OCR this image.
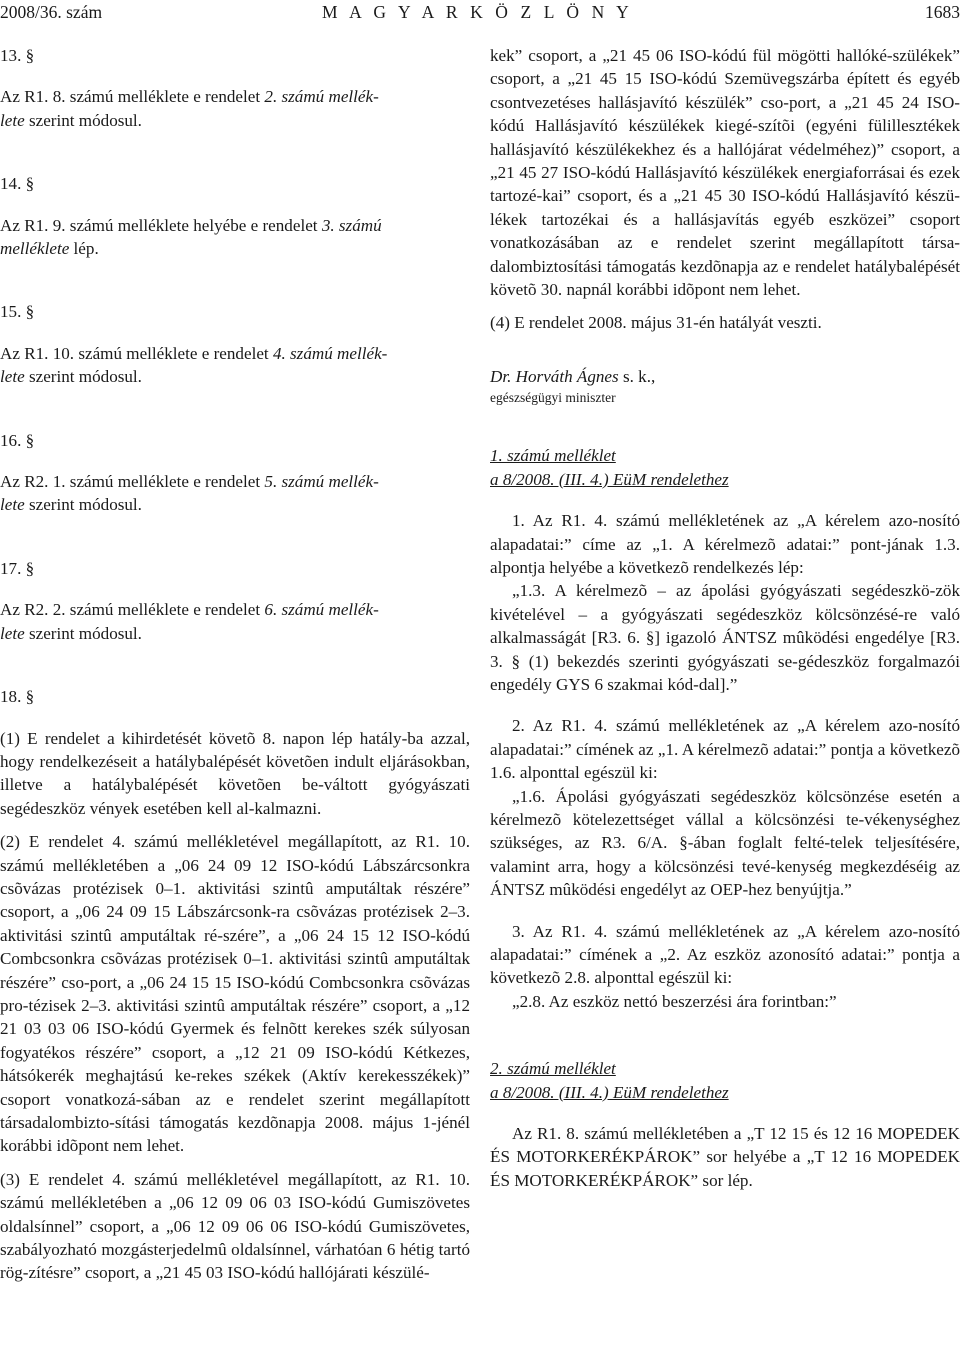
2008/36. szám	M A G Y A R K Ö Z L Ö N Y	1683

13. §

Az R1. 8. számú melléklete e rendelet 2. számú mellék-
lete szerint módosul.

14. §

Az R1. 9. számú melléklete helyébe e rendelet 3. számú
melléklete lép.

15. §

Az R1. 10. számú melléklete e rendelet 4. számú mellék-
lete szerint módosul.

16. §

Az R2. 1. számú melléklete e rendelet 5. számú mellék-
lete szerint módosul.

17. §

Az R2. 2. számú melléklete e rendelet 6. számú mellék-
lete szerint módosul.

18. §

(1) E rendelet a kihirdetését követõ 8. napon lép hatály-ba azzal, hogy rendelkezéseit a hatálybalépését követõen indult eljárásokban, illetve a hatálybalépését követõen be-váltott gyógyászati segédeszköz vények esetében kell al-kalmazni.

(2) E rendelet 4. számú mellékletével megállapított, az R1. 10. számú mellékletében a „06 24 09 12 ISO-kódú Lábszárcsonkra csõvázas protézisek 0–1. aktivitási szintû amputáltak részére” csoport, a „06 24 09 15 Lábszárcsonk-ra csõvázas protézisek 2–3. aktivitási szintû amputáltak ré-szére”, a „06 24 15 12 ISO-kódú Combcsonkra csõvázas protézisek 0–1. aktivitási szintû amputáltak részére” cso-port, a „06 24 15 15 ISO-kódú Combcsonkra csõvázas pro-tézisek 2–3. aktivitási szintû amputáltak részére” csoport, a „12 21 03 03 06 ISO-kódú Gyermek és felnõtt kerekes szék súlyosan fogyatékos részére” csoport, a „12 21 09 ISO-kódú Kétkezes, hátsókerék meghajtású ke-rekes székek (Aktív kerekesszékek)” csoport vonatkozá-sában az e rendelet szerint megállapított társadalombizto-sítási támogatás kezdõnapja 2008. május 1-jénél korábbi idõpont nem lehet.

(3) E rendelet 4. számú mellékletével megállapított, az R1. 10. számú mellékletében a „06 12 09 06 03 ISO-kódú Gumiszövetes oldalsínnel” csoport, a „06 12 09 06 06 ISO-kódú Gumiszövetes, szabályozható mozgásterjedelmû oldalsínnel, várhatóan 6 hétig tartó rög-zítésre” csoport, a „21 45 03 ISO-kódú hallójárati készülé-

kek” csoport, a „21 45 06 ISO-kódú fül mögötti hallóké-szülékek” csoport, a „21 45 15 ISO-kódú Szemüvegszárba épített és egyéb csontvezetéses hallásjavító készülék” cso-port, a „21 45 24 ISO-kódú Hallásjavító készülékek kiegé-szítõi (egyéni fülillesztékek hallásjavító készülékekhez és a hallójárat védelméhez)” csoport, a „21 45 27 ISO-kódú Hallásjavító készülékek energiaforrásai és ezek tartozé-kai” csoport, és a „21 45 30 ISO-kódú Hallásjavító készü-lékek tartozékai és a hallásjavítás egyéb eszközei” csoport vonatkozásában az e rendelet szerint megállapított társa-dalombiztosítási támogatás kezdõnapja az e rendelet hatálybalépését követõ 30. napnál korábbi idõpont nem lehet.

(4) E rendelet 2008. május 31-én hatályát veszti.

Dr. Horváth Ágnes s. k.,

egészségügyi miniszter

1. számú melléklet

a 8/2008. (III. 4.) EüM rendelethez

1. Az R1. 4. számú mellékletének az „A kérelem azo-nosító alapadatai:” címe az „1. A kérelmezõ adatai:” pont-jának 1.3. alpontja helyébe a következõ rendelkezés lép:

„1.3. A kérelmezõ – az ápolási gyógyászati segédeszkö-zök kivételével – a gyógyászati segédeszköz kölcsönzésé-re való alkalmasságát [R3. 6. §] igazoló ÁNTSZ mûködési engedélye [R3. 3. § (1) bekezdés szerinti gyógyászati se-gédeszköz forgalmazói engedély GYS 6 szakmai kód-dal].”

2. Az R1. 4. számú mellékletének az „A kérelem azo-nosító alapadatai:” címének az „1. A kérelmezõ adatai:” pontja a következõ 1.6. alponttal egészül ki:

„1.6. Ápolási gyógyászati segédeszköz kölcsönzése esetén a kérelmezõ kötelezettséget vállal a kölcsönzési te-vékenységhez szükséges, az R3. 6/A. §-ában foglalt felté-telek teljesítésére, valamint arra, hogy a kölcsönzési tevé-kenység megkezdéséig az ÁNTSZ mûködési engedélyt az OEP-hez benyújtja.”

3. Az R1. 4. számú mellékletének az „A kérelem azo-nosító alapadatai:” címének a „2. Az eszköz azonosító adatai:” pontja a következõ 2.8. alponttal egészül ki:

„2.8. Az eszköz nettó beszerzési ára forintban:”

2. számú melléklet

a 8/2008. (III. 4.) EüM rendelethez

Az R1. 8. számú mellékletében a „T 12 15 és 12 16 MOPEDEK ÉS MOTORKERÉKPÁROK” sor helyébe a „T 12 16 MOPEDEK ÉS MOTORKERÉKPÁROK” sor lép.
